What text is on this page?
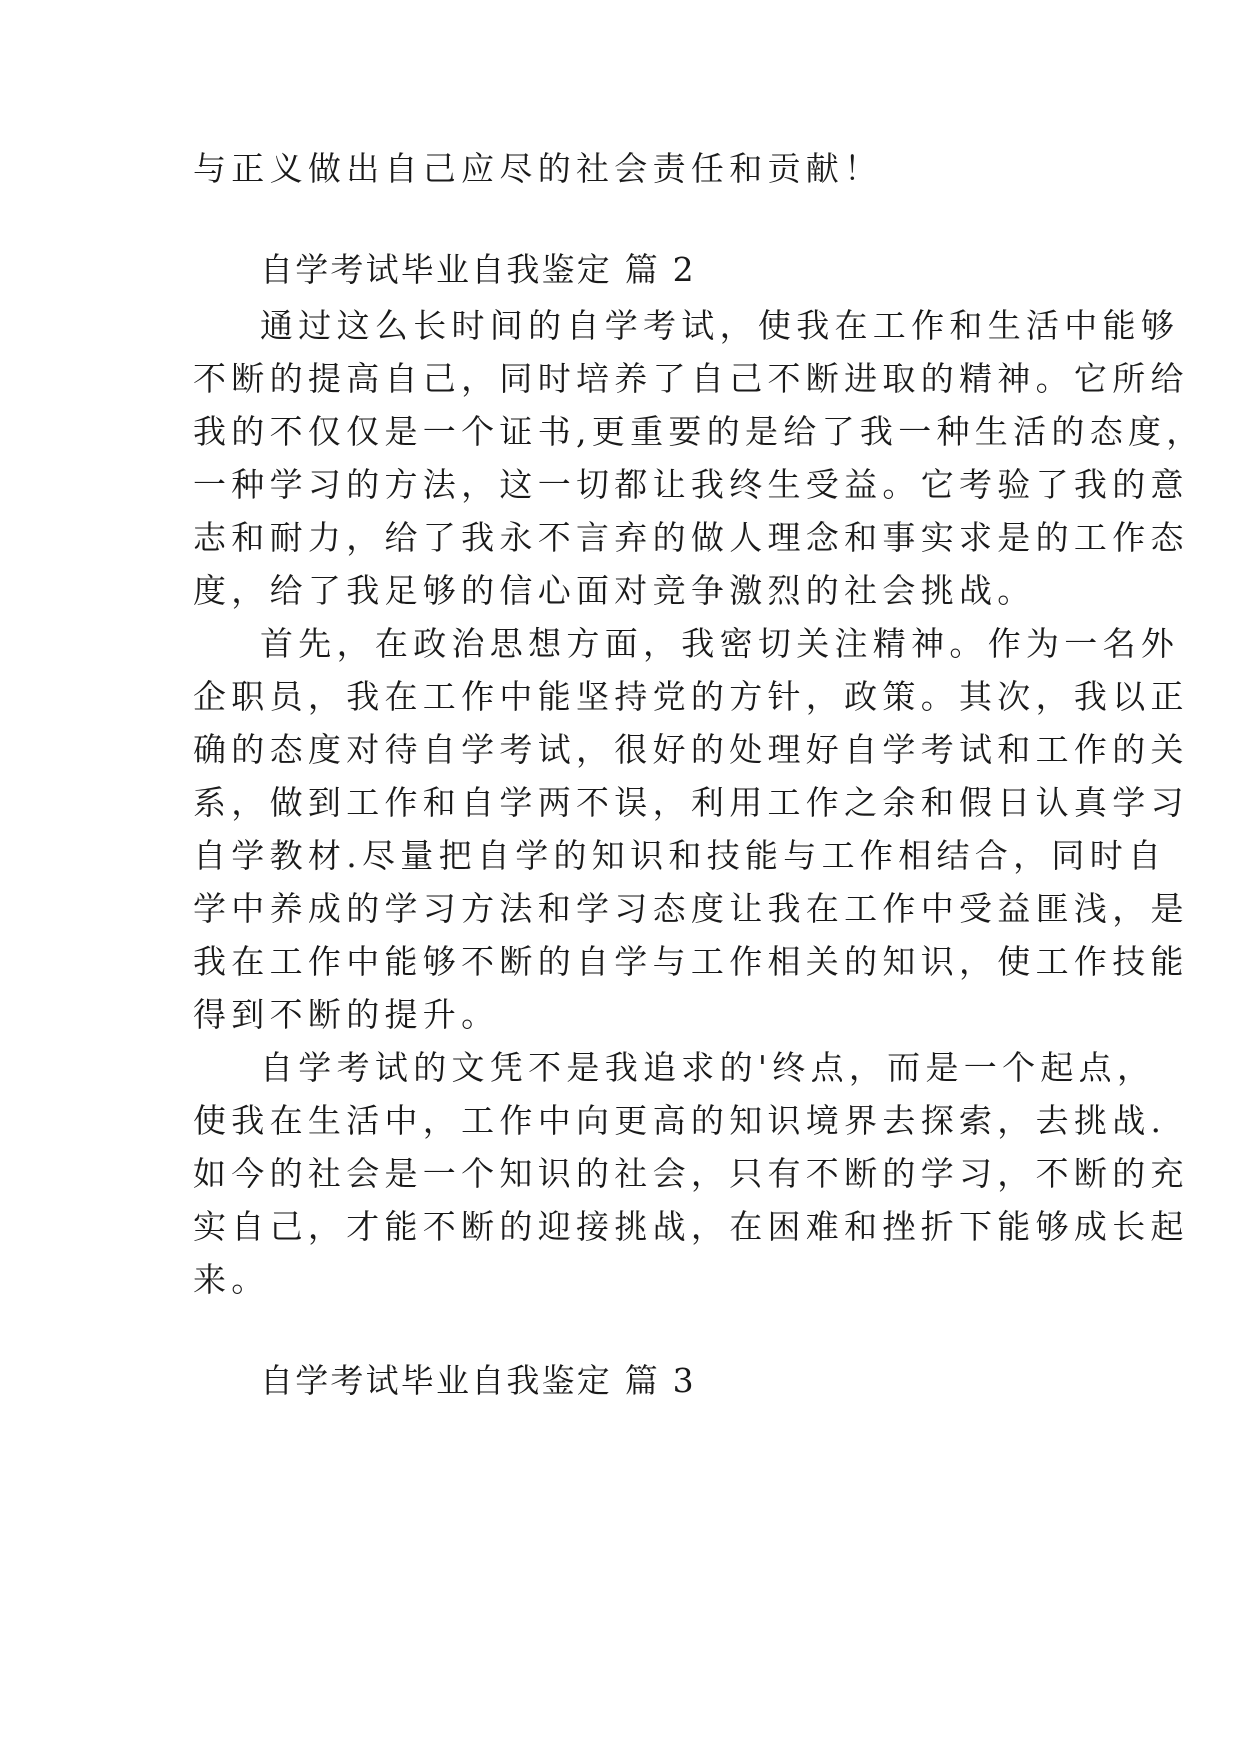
与正义做出自己应尽的社会责任和贡献！
自学考试毕业自我鉴定 篇 2
通过这么长时间的自学考试，使我在工作和生活中能够
不断的提高自己，同时培养了自己不断进取的精神。它所给
我的不仅仅是一个证书,更重要的是给了我一种生活的态度，
一种学习的方法，这一切都让我终生受益。它考验了我的意
志和耐力，给了我永不言弃的做人理念和事实求是的工作态
度，给了我足够的信心面对竞争激烈的社会挑战。
首先，在政治思想方面，我密切关注精神。作为一名外
企职员，我在工作中能坚持党的方针，政策。其次，我以正
确的态度对待自学考试，很好的处理好自学考试和工作的关
系，做到工作和自学两不误，利用工作之余和假日认真学习
自学教材.尽量把自学的知识和技能与工作相结合，同时自
学中养成的学习方法和学习态度让我在工作中受益匪浅，是
我在工作中能够不断的自学与工作相关的知识，使工作技能
得到不断的提升。
自学考试的文凭不是我追求的'终点，而是一个起点，
使我在生活中，工作中向更高的知识境界去探索，去挑战.
如今的社会是一个知识的社会，只有不断的学习，不断的充
实自己，才能不断的迎接挑战，在困难和挫折下能够成长起
来。
自学考试毕业自我鉴定 篇 3
